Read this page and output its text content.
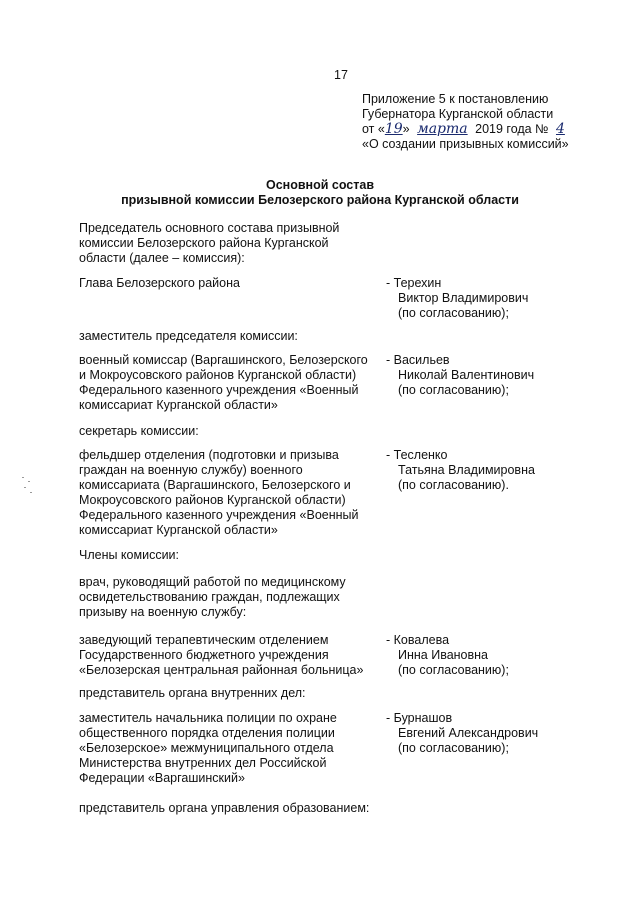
17
Приложение 5 к постановлению
Губернатора Курганской области
от «19» марта 2019 года № 4
«О создании призывных комиссий»
Основной состав
призывной комиссии Белозерского района Курганской области
Председатель основного состава призывной
комиссии Белозерского района Курганской
области (далее – комиссия):
Глава Белозерского района	- Терехин
Виктор Владимирович
(по согласованию);
заместитель председателя комиссии:
военный комиссар (Варгашинского, Белозерского
и Мокроусовского районов Курганской области)
Федерального казенного учреждения «Военный
комиссариат Курганской области»
- Васильев
Николай Валентинович
(по согласованию);
секретарь комиссии:
фельдшер отделения (подготовки и призыва
граждан на военную службу) военного
комиссариата (Варгашинского, Белозерского и
Мокроусовского районов Курганской области)
Федерального казенного учреждения «Военный
комиссариат Курганской области»
- Тесленко
Татьяна Владимировна
(по согласованию).
Члены комиссии:
врач, руководящий работой по медицинскому
освидетельствованию граждан, подлежащих
призыву на военную службу:
заведующий терапевтическим отделением
Государственного бюджетного учреждения
«Белозерская центральная районная больница»
- Ковалева
Инна Ивановна
(по согласованию);
представитель органа внутренних дел:
заместитель начальника полиции по охране
общественного порядка отделения полиции
«Белозерское» межмуниципального отдела
Министерства внутренних дел Российской
Федерации «Варгашинский»
- Бурнашов
Евгений Александрович
(по согласованию);
представитель органа управления образованием:
